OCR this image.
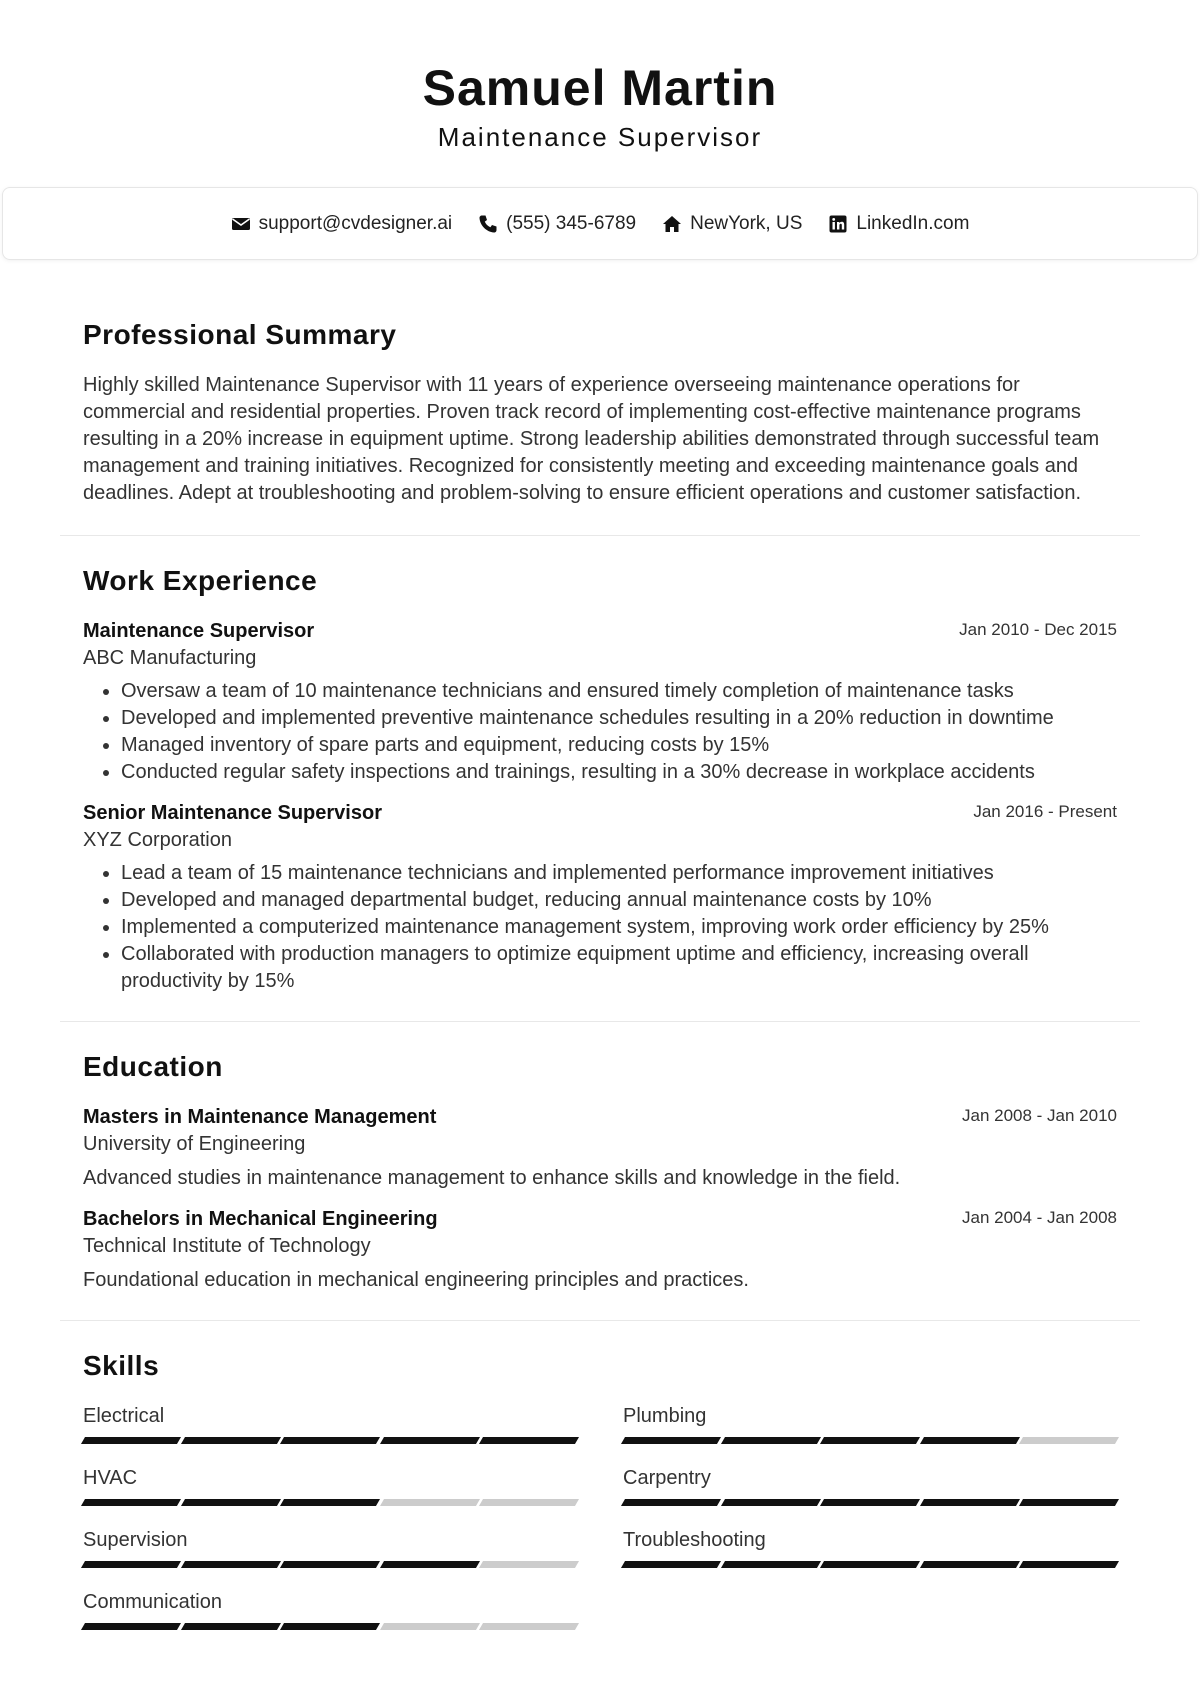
Samuel Martin
Maintenance Supervisor
support@cvdesigner.ai	(555) 345-6789	NewYork, US	LinkedIn.com
Professional Summary

Highly skilled Maintenance Supervisor with 11 years of experience overseeing maintenance operations for commercial and residential properties. Proven track record of implementing cost-effective maintenance programs resulting in a 20% increase in equipment uptime. Strong leadership abilities demonstrated through successful team management and training initiatives. Recognized for consistently meeting and exceeding maintenance goals and deadlines. Adept at troubleshooting and problem-solving to ensure efficient operations and customer satisfaction.

Work Experience
Maintenance Supervisor	Jan 2010 - Dec 2015
ABC Manufacturing
• Oversaw a team of 10 maintenance technicians and ensured timely completion of maintenance tasks
• Developed and implemented preventive maintenance schedules resulting in a 20% reduction in downtime
• Managed inventory of spare parts and equipment, reducing costs by 15%
• Conducted regular safety inspections and trainings, resulting in a 30% decrease in workplace accidents
Senior Maintenance Supervisor	Jan 2016 - Present
XYZ Corporation
• Lead a team of 15 maintenance technicians and implemented performance improvement initiatives
• Developed and managed departmental budget, reducing annual maintenance costs by 10%
• Implemented a computerized maintenance management system, improving work order efficiency by 25%
• Collaborated with production managers to optimize equipment uptime and efficiency, increasing overall productivity by 15%
Education
Masters in Maintenance Management	Jan 2008 - Jan 2010
University of Engineering
Advanced studies in maintenance management to enhance skills and knowledge in the field.
Bachelors in Mechanical Engineering	Jan 2004 - Jan 2008
Technical Institute of Technology
Foundational education in mechanical engineering principles and practices.
Skills
Electrical	Plumbing
HVAC	Carpentry
Supervision	Troubleshooting
Communication
